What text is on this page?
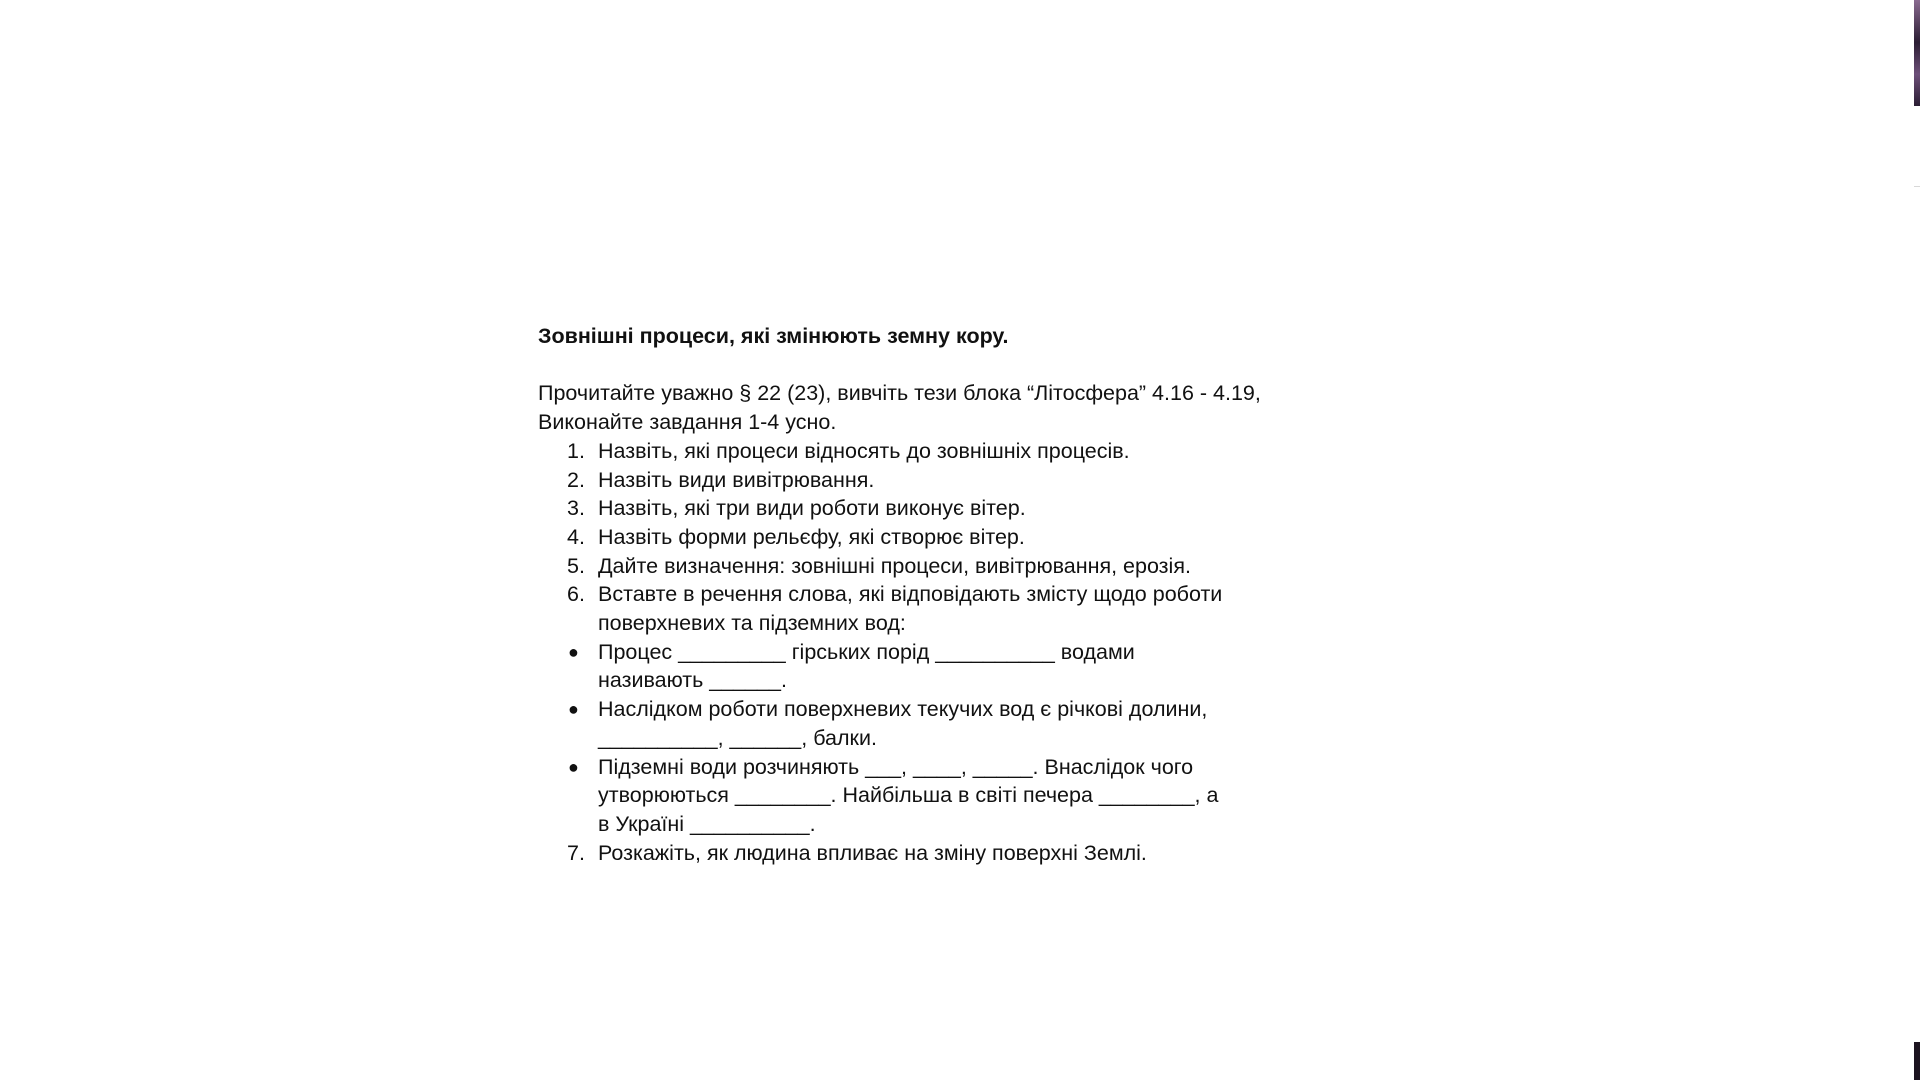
Зовнішні процеси, які змінюють земну кору.

Прочитайте уважно § 22 (23), вивчіть тези блока “Літосфера” 4.16 - 4.19,
Виконайте завдання 1-4 усно.

1. Назвіть, які процеси відносять до зовнішніх процесів.
2. Назвіть види вивітрювання.
3. Назвіть, які три види роботи виконує вітер.
4. Назвіть форми рельєфу, які створює вітер.
5. Дайте визначення: зовнішні процеси, вивітрювання, ерозія.
6. Вставте в речення слова, які відповідають змісту щодо роботи
поверхневих та підземних вод:
● Процес _________ гірських порід __________ водами
називають ______.
● Наслідком роботи поверхневих текучих вод є річкові долини,
__________, ______, балки.
● Підземні води розчиняють ___, ____, _____. Внаслідок чого
утворюються ________. Найбільша в світі печера ________, а
в Україні __________.
7. Розкажіть, як людина впливає на зміну поверхні Землі.
